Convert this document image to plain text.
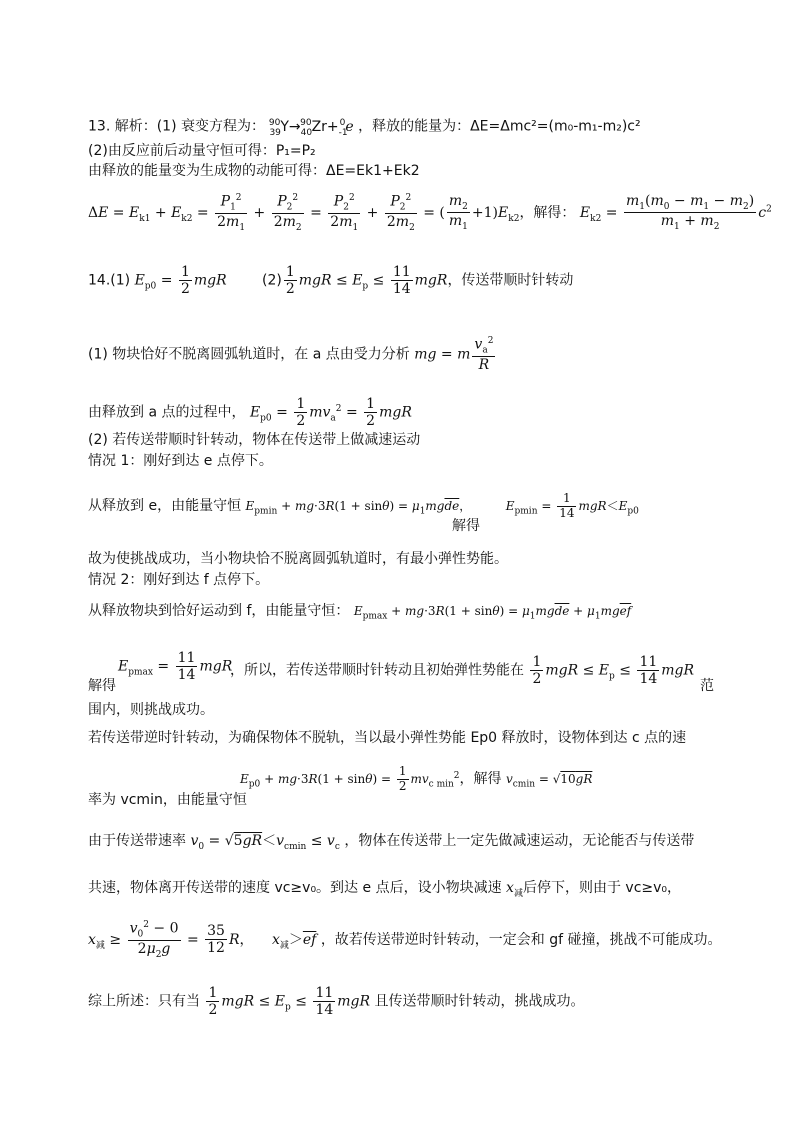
13. 解析：(1) 衰变方程为： $_{39}^{90}Y\to_{40}^{90}Zr+_{-1}^0e$ ，释放的能量为：ΔE=Δmc²=(m₀-m₁-m₂)c²
(2)由反应前后动量守恒可得：P₁=P₂
由释放的能量变为生成物的动能可得：ΔE=Ek1+Ek2
$\Delta E = E_{k1} + E_{k2} = \frac{P_1^2}{2m_1} + \frac{P_2^2}{2m_2} = \frac{P_2^2}{2m_1} + \frac{P_2^2}{2m_2}$ = ( $\frac{m_2}{m_1} +1)E_{k2}$，解得： $E_{k2} = \frac{m_1(m_0 - m_1 - m_2)}{m_1 + m_2} c^2$
14.(1) $E_{p0} = \frac{1}{2}$ mgR	$(2) \frac{1}{2}$ mgR ≤ $E_p \le \frac{11}{14}$ mgR，传送带顺时针转动
(1) 物块恰好不脱离圆弧轨道时，在 a 点由受力分析 mg = m $\frac{v_a^2}{R}$
由释放到 a 点的过程中， $E_{p0} = \frac{1}{2} mv_a^2 = \frac{1}{2}$ mgR
(2) 若传送带顺时针转动，物体在传送带上做减速运动
情况 1：刚好到达 e 点停下。
从释放到 e，由能量守恒 $E_{pmin} + mg\cdot 3R(1 + \sin\theta) = \mu_1mg\overline{de}$，	$E_{pmin} = \frac{1}{14} mgR<E_{p0}$
解得
故为使挑战成功，当小物块恰不脱离圆弧轨道时，有最小弹性势能。
情况 2：刚好到达 f 点停下。
从释放物块到恰好运动到 f，由能量守恒： $E_{pmax} + mg\cdot 3R(1 + \sin\theta) = \mu_1mg\overline{de} + \mu_1mg\overline{ef}$
$E_{pmax} = \frac{11}{14}$ mgR
解得
，所以，若传送带顺时针转动且初始弹性势能在 $\frac{1}{2}$ mgR ≤ $E_p \le \frac{11}{14}$ mgR
范
围内，则挑战成功。
若传送带逆时针转动，为确保物体不脱轨，当以最小弹性势能 Ep0 释放时，设物体到达 c 点的速
$E_{p0} + mg\cdot 3R(1 + \sin\theta) = \frac{1}{2} mv_{c min}^2$，解得 $v_{cmin} = √10gR$
率为 vcmin，由能量守恒
由于传送带速率 $v_0 = √5gR<v_{cmin} \le v_c$ ，物体在传送带上一定先做减速运动，无论能否与传送带
共速，物体离开传送带的速度 vc≥v₀。到达 e 点后，设小物块减速 $x_减$后停下，则由于 vc≥v₀，
$x_减 \ge \frac{v_0^2 - 0}{2\mu_2g} = \frac{35}{12}$ R， $x_减>\overline{ef}$ ，故若传送带逆时针转动，一定会和 gf 碰撞，挑战不可能成功。
综上所述：只有当 $\frac{1}{2}$ mgR ≤ $E_p \le \frac{11}{14}$ mgR 且传送带顺时针转动，挑战成功。
